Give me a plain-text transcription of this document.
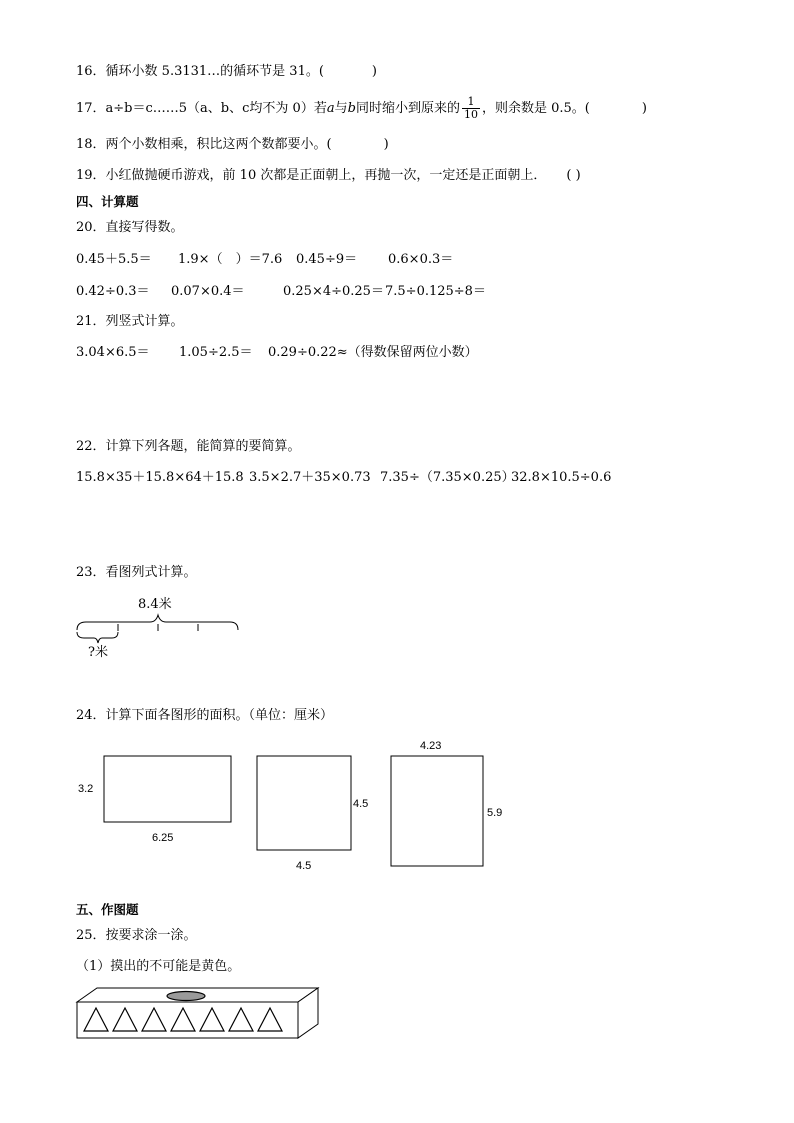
16．循环小数 5.3131…的循环节是 31。(	)
17．a÷b＝c……5（a、b、c均不为 0）若a与b同时缩小到原来的 $\frac{1}{10}$ ，则余数是 0.5。(	)
18．两个小数相乘，积比这两个数都要小。(	)
19．小红做抛硬币游戏，前 10 次都是正面朝上，再抛一次，一定还是正面朝上． ( )
四、计算题
20．直接写得数。
0.45＋5.5＝ 1.9×（　）＝7.6 0.45÷9＝ 0.6×0.3＝
0.42÷0.3＝ 0.07×0.4＝	0.25×4÷0.25＝ 7.5÷0.125÷8＝
21．列竖式计算。
3.04×6.5＝ 1.05÷2.5＝ 0.29÷0.22≈（得数保留两位小数）
22．计算下列各题，能简算的要简算。
15.8×35＋15.8×64＋15.8 3.5×2.7＋35×0.73 7.35÷（7.35×0.25）
32.8×10.5÷0.6
23．看图列式计算。
8.4米
?米
24．计算下面各图形的面积。（单位：厘米）
3.2
6.25
4.5
4.5
4.23
5.9
五、作图题
25．按要求涂一涂。
（1）摸出的不可能是黄色。
